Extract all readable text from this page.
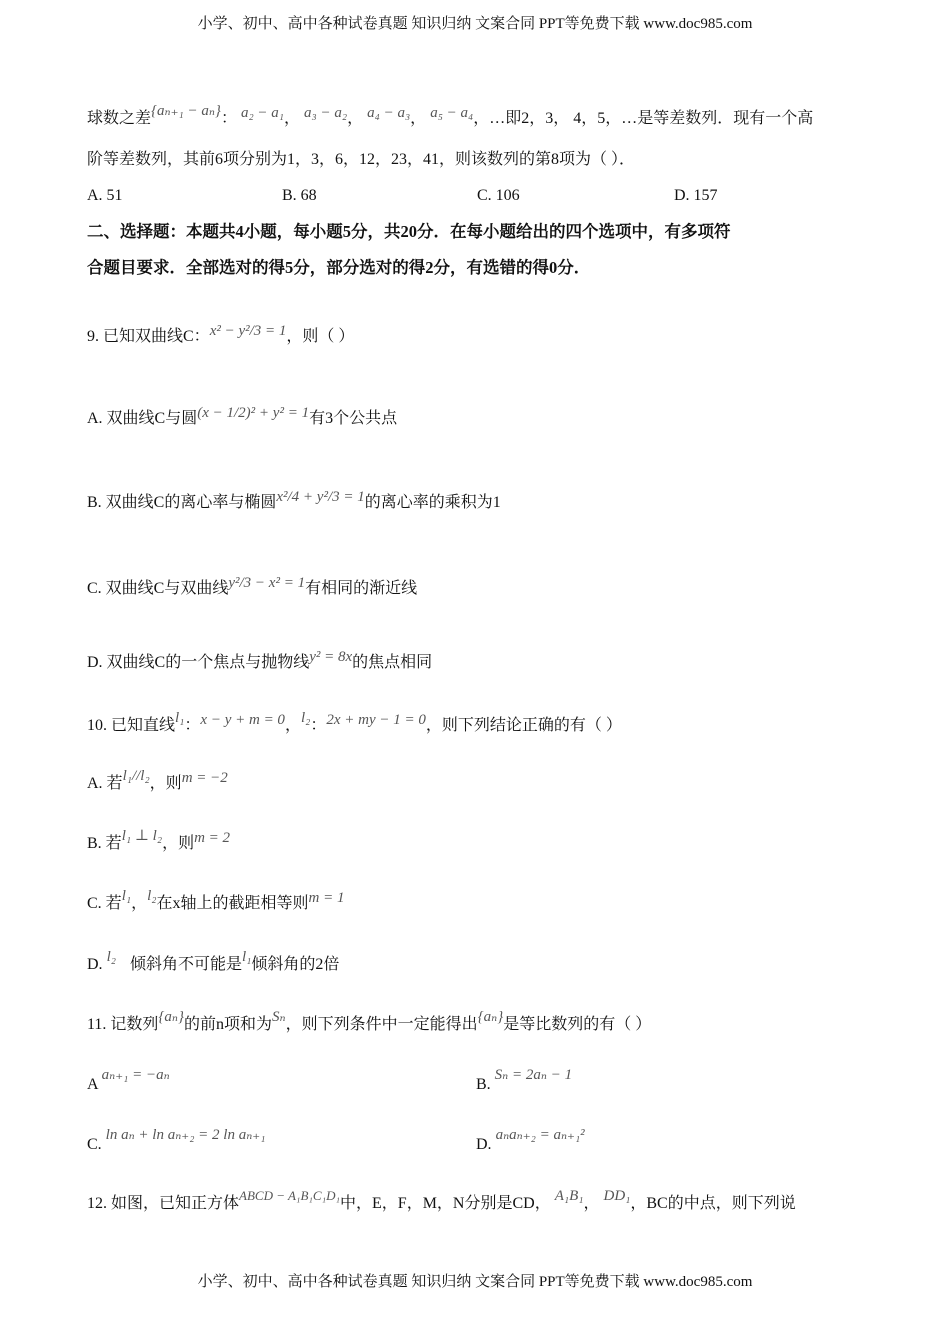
小学、初中、高中各种试卷真题 知识归纳 文案合同 PPT等免费下载 www.doc985.com
球数之差{aₙ₊₁ − aₙ}： a₂ − a₁， a₃ − a₂， a₄ − a₃， a₅ − a₄，…即2，3， 4，5，…是等差数列．现有一个高
阶等差数列，其前6项分别为1，3，6，12，23，41，则该数列的第8项为（ ）．
A. 51	B. 68	C. 106	D. 157
二、选择题：本题共4小题，每小题5分，共20分．在每小题给出的四个选项中，有多项符
合题目要求．全部选对的得5分，部分选对的得2分，有选错的得0分．
9. 已知双曲线C：x² − y²/3 = 1，则（ ）
A. 双曲线C与圆(x − 1/2)² + y² = 1有3个公共点
B. 双曲线C的离心率与椭圆x²/4 + y²/3 = 1的离心率的乘积为1
C. 双曲线C与双曲线y²/3 − x² = 1有相同的渐近线
D. 双曲线C的一个焦点与抛物线y² = 8x的焦点相同
10. 已知直线l₁：x − y + m = 0，l₂：2x + my − 1 = 0，则下列结论正确的有（ ）
A. 若l₁//l₂，则m = −2
B. 若l₁ ⊥ l₂，则m = 2
C. 若l₁，l₂在x轴上的截距相等则m = 1
D. l₂ 倾斜角不可能是l₁倾斜角的2倍
11. 记数列{aₙ}的前n项和为Sₙ，则下列条件中一定能得出{aₙ}是等比数列的有（ ）
A aₙ₊₁ = −aₙ
B. Sₙ = 2aₙ − 1
C. ln aₙ + ln aₙ₊₂ = 2 ln aₙ₊₁
D. aₙaₙ₊₂ = aₙ₊₁²
12. 如图，已知正方体$^{ABCD - A_1B_1C_1D_1}$中，E，F，M，N分别是CD， A₁B₁， DD₁，BC的中点，则下列说
小学、初中、高中各种试卷真题 知识归纳 文案合同 PPT等免费下载 www.doc985.com
